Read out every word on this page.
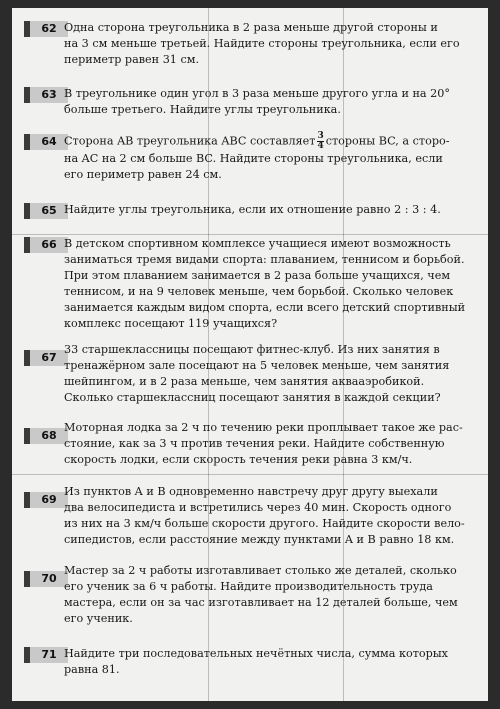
62 Одна сторона треугольника в 2 раза меньше другой стороны и
на 3 см меньше третьей. Найдите стороны треугольника, если его
периметр равен 31 см.
63 В треугольнике один угол в 3 раза меньше другого угла и на 20°
больше третьего. Найдите углы треугольника.
64 Сторона AB треугольника ABC составляет $\frac{3}{4}$ стороны BC, а сторо-
на AC на 2 см больше BC. Найдите стороны треугольника, если
его периметр равен 24 см.
65 Найдите углы треугольника, если их отношение равно 2 : 3 : 4.
66 В детском спортивном комплексе учащиеся имеют возможность
заниматься тремя видами спорта: плаванием, теннисом и борьбой.
При этом плаванием занимается в 2 раза больше учащихся, чем
теннисом, и на 9 человек меньше, чем борьбой. Сколько человек
занимается каждым видом спорта, если всего детский спортивный
комплекс посещают 119 учащихся?
67
33 старшеклассницы посещают фитнес-клуб. Из них занятия в
тренажёрном зале посещают на 5 человек меньше, чем занятия
шейпингом, и в 2 раза меньше, чем занятия аквааэробикой.
Сколько старшеклассниц посещают занятия в каждой секции?
68
Моторная лодка за 2 ч по течению реки проплывает такое же рас-
стояние, как за 3 ч против течения реки. Найдите собственную
скорость лодки, если скорость течения реки равна 3 км/ч.
69
Из пунктов A и B одновременно навстречу друг другу выехали
два велосипедиста и встретились через 40 мин. Скорость одного
из них на 3 км/ч больше скорости другого. Найдите скорости вело-
сипедистов, если расстояние между пунктами A и B равно 18 км.
70
Мастер за 2 ч работы изготавливает столько же деталей, сколько
его ученик за 6 ч работы. Найдите производительность труда
мастера, если он за час изготавливает на 12 деталей больше, чем
его ученик.
71 Найдите три последовательных нечётных числа, сумма которых
равна 81.
